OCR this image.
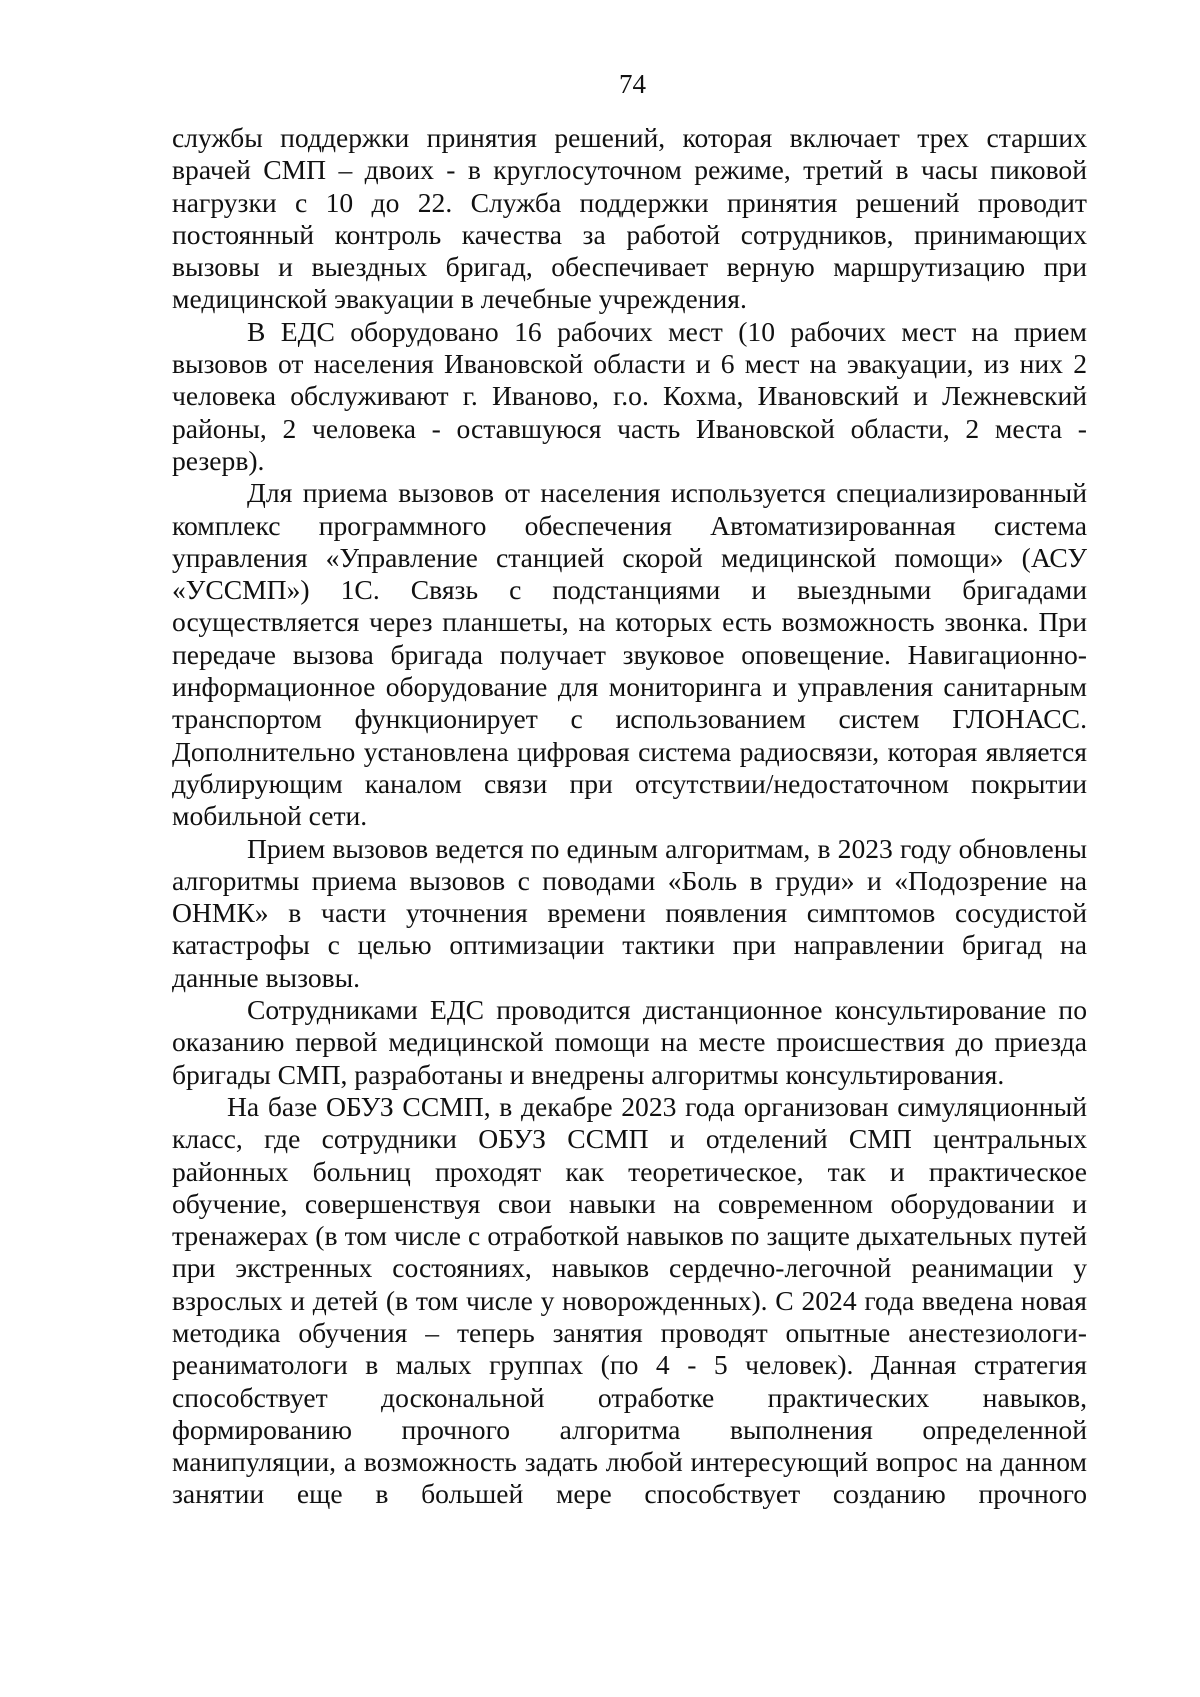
74

службы поддержки принятия решений, которая включает трех старших врачей СМП – двоих - в круглосуточном режиме, третий в часы пиковой нагрузки с 10 до 22. Служба поддержки принятия решений проводит постоянный контроль качества за работой сотрудников, принимающих вызовы и выездных бригад, обеспечивает верную маршрутизацию при медицинской эвакуации в лечебные учреждения.

В ЕДС оборудовано 16 рабочих мест (10 рабочих мест на прием вызовов от населения Ивановской области и 6 мест на эвакуации, из них 2 человека обслуживают г. Иваново, г.о. Кохма, Ивановский и Лежневский районы, 2 человека - оставшуюся часть Ивановской области, 2 места - резерв).

Для приема вызовов от населения используется специализированный комплекс программного обеспечения Автоматизированная система управления «Управление станцией скорой медицинской помощи» (АСУ «УССМП») 1С. Связь с подстанциями и выездными бригадами осуществляется через планшеты, на которых есть возможность звонка. При передаче вызова бригада получает звуковое оповещение. Навигационно-информационное оборудование для мониторинга и управления санитарным транспортом функционирует с использованием систем ГЛОНАСС. Дополнительно установлена цифровая система радиосвязи, которая является дублирующим каналом связи при отсутствии/недостаточном покрытии мобильной сети.

Прием вызовов ведется по единым алгоритмам, в 2023 году обновлены алгоритмы приема вызовов с поводами «Боль в груди» и «Подозрение на ОНМК» в части уточнения времени появления симптомов сосудистой катастрофы с целью оптимизации тактики при направлении бригад на данные вызовы.

Сотрудниками ЕДС проводится дистанционное консультирование по оказанию первой медицинской помощи на месте происшествия до приезда бригады СМП, разработаны и внедрены алгоритмы консультирования.

На базе ОБУЗ ССМП, в декабре 2023 года организован симуляционный класс, где сотрудники ОБУЗ ССМП и отделений СМП центральных районных больниц проходят как теоретическое, так и практическое обучение, совершенствуя свои навыки на современном оборудовании и тренажерах (в том числе с отработкой навыков по защите дыхательных путей при экстренных состояниях, навыков сердечно-легочной реанимации у взрослых и детей (в том числе у новорожденных). С 2024 года введена новая методика обучения – теперь занятия проводят опытные анестезиологи-реаниматологи в малых группах (по 4 - 5 человек). Данная стратегия способствует доскональной отработке практических навыков, формированию прочного алгоритма выполнения определенной манипуляции, а возможность задать любой интересующий вопрос на данном занятии еще в большей мере способствует созданию прочного
